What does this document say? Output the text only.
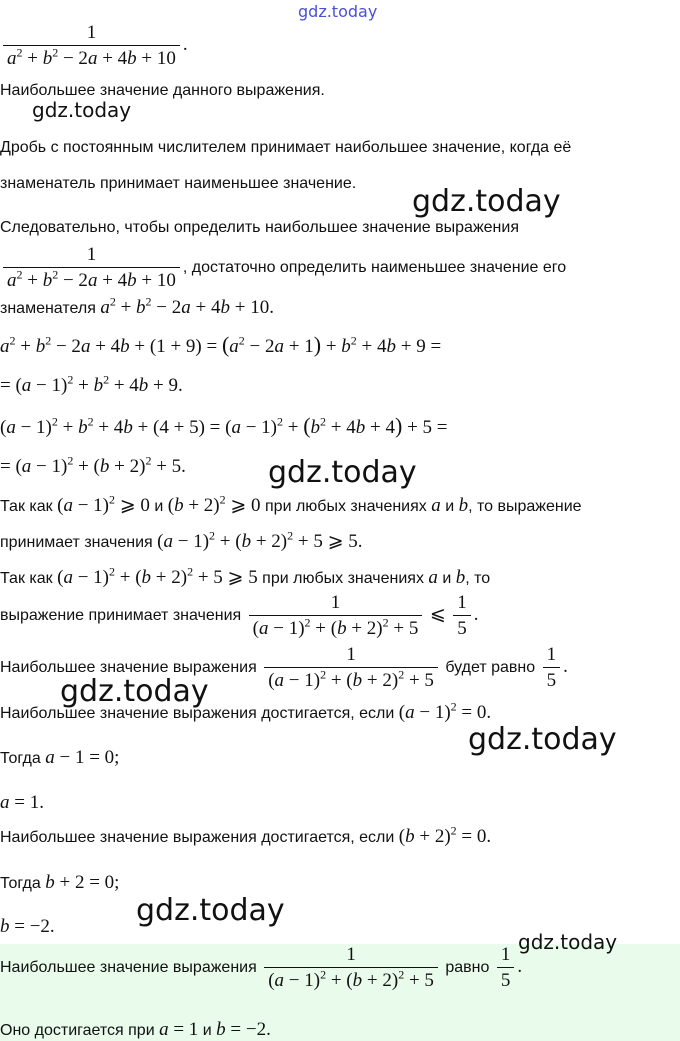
gdz.today
gdz.today
gdz.today
gdz.today
gdz.today
gdz.today
gdz.today
$\frac{1}{a^2 + b^2 - 2a + 4b + 10}$ .
Наибольшее значение данного выражения.
Дробь с постоянным числителем принимает наибольшее значение, когда её
знаменатель принимает наименьшее значение.
Следовательно, чтобы определить наибольшее значение выражения
$\frac{1}{a^2 + b^2 - 2a + 4b + 10}$ , достаточно определить наименьшее значение его
знаменателя $a^2 + b^2 - 2a + 4b + 10$.
$a^2 + b^2 - 2a + 4b + (1 + 9) = (a^2 - 2a + 1) + b^2 + 4b + 9$ =
= $(a - 1)^2 + b^2 + 4b + 9$.
$(a - 1)^2 + b^2 + 4b + (4 + 5) = (a - 1)^2 + (b^2 + 4b + 4) + 5$ =
= $(a - 1)^2 + (b + 2)^2 + 5$.
Так как $(a - 1)^2$ ⩾ 0 и $(b + 2)^2$ ⩾ 0 при любых значениях a и b, то выражение
принимает значения $(a - 1)^2 + (b + 2)^2 + 5$ ⩾ 5.
Так как $(a - 1)^2 + (b + 2)^2 + 5$ ⩾ 5 при любых значениях a и b, то
выражение принимает значения $\frac{1}{(a - 1)^2 + (b + 2)^2 + 5}$ ⩽ $\frac{1}{5}$ .
Наибольшее значение выражения $\frac{1}{(a - 1)^2 + (b + 2)^2 + 5}$ будет равно $\frac{1}{5}$ .
Наибольшее значение выражения достигается, если $(a - 1)^2 = 0$.
Тогда a − 1 = 0;
a = 1.
Наибольшее значение выражения достигается, если $(b + 2)^2 = 0$.
Тогда b + 2 = 0;
b = −2.
gdz.today
Наибольшее значение выражения $\frac{1}{(a - 1)^2 + (b + 2)^2 + 5}$ равно $\frac{1}{5}$ .
Оно достигается при a = 1 и b = −2.
